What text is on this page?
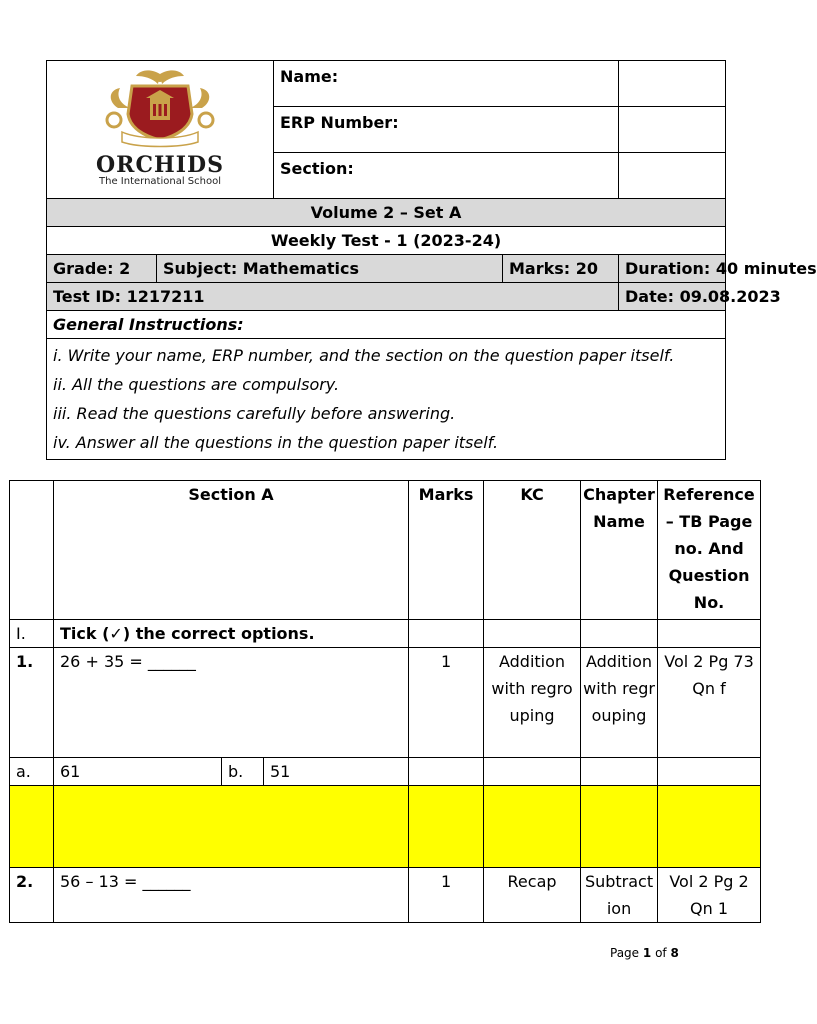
ORCHIDS
The International School		Name:		
		ERP Number:		
		Section:		
Volume 2 – Set A				
Weekly Test - 1 (2023-24)				
Grade: 2	Subject: Mathematics		Marks: 20	Duration: 40 minutes
Test ID: 1217211				Date: 09.08.2023
General Instructions:				

i. Write your name, ERP number, and the section on the question paper itself.
ii. All the questions are compulsory.
iii. Read the questions carefully before answering.
iv. Answer all the questions in the question paper itself.				
	Section A			Marks	KC	Chapter Name	Reference – TB Page no. And Question No.
I.	Tick (✓) the correct options.						
1.	26 + 35 = ______			1	Addition with regrouping	Addition with regrouping	Vol 2 Pg 73 Qn f
a.	61	b.	51				

2.	56 – 13 = ______			1	Recap	Subtraction	Vol 2 Pg 2 Qn 1
Page 1 of 8
